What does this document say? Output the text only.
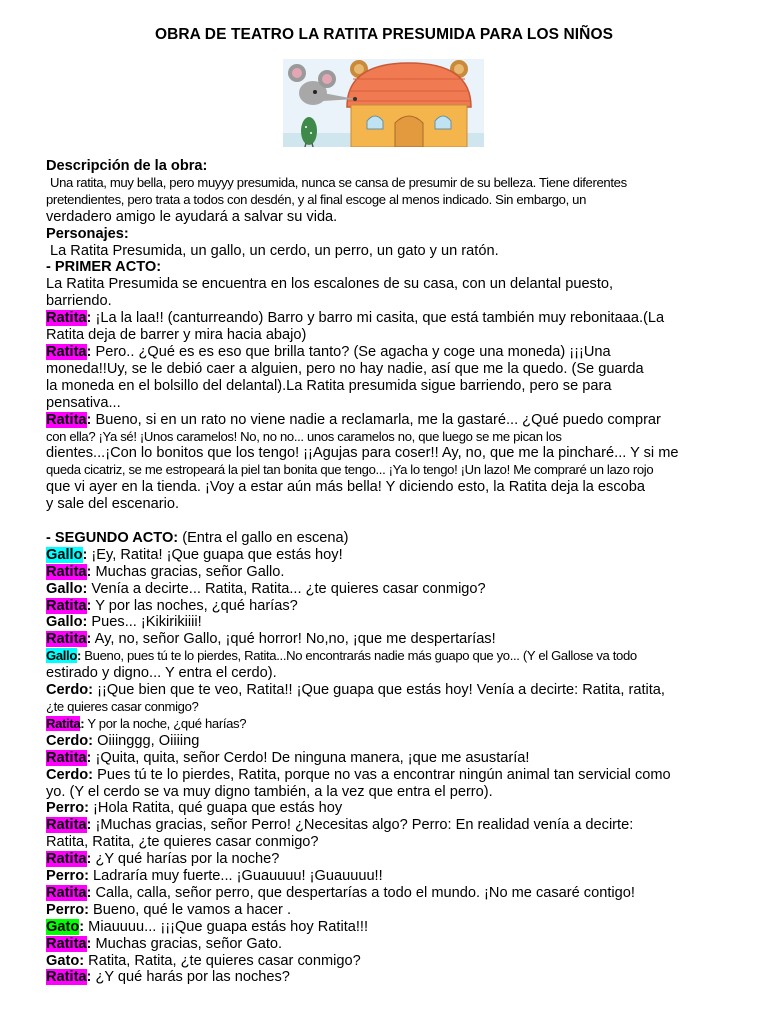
OBRA DE TEATRO LA RATITA PRESUMIDA PARA LOS NIÑOS
Descripción de la obra:
Una ratita, muy bella, pero muyyy presumida, nunca se cansa de presumir de su belleza. Tiene diferentes
pretendientes, pero trata a todos con desdén, y al final escoge al menos indicado. Sin embargo, un
verdadero amigo le ayudará a salvar su vida.
Personajes:
La Ratita Presumida, un gallo, un cerdo, un perro, un gato y un ratón.
- PRIMER ACTO:
La Ratita Presumida se encuentra en los escalones de su casa, con un delantal puesto,
barriendo.
Ratita: ¡La la laa!! (canturreando) Barro y barro mi casita, que está también muy rebonitaaa.(La
Ratita deja de barrer y mira hacia abajo)
Ratita: Pero.. ¿Qué es es eso que brilla tanto? (Se agacha y coge una moneda) ¡¡¡Una
moneda!!Uy, se le debió caer a alguien, pero no hay nadie, así que me la quedo. (Se guarda
la moneda en el bolsillo del delantal).La Ratita presumida sigue barriendo, pero se para
pensativa...
Ratita: Bueno, si en un rato no viene nadie a reclamarla, me la gastaré... ¿Qué puedo comprar
con ella? ¡Ya sé! ¡Unos caramelos! No, no no... unos caramelos no, que luego se me pican los
dientes...¡Con lo bonitos que los tengo! ¡¡Agujas para coser!! Ay, no, que me la pincharé... Y si me
queda cicatriz, se me estropeará la piel tan bonita que tengo... ¡Ya lo tengo! ¡Un lazo! Me compraré un lazo rojo
que vi ayer en la tienda. ¡Voy a estar aún más bella! Y diciendo esto, la Ratita deja la escoba
y sale del escenario.
- SEGUNDO ACTO: (Entra el gallo en escena)
Gallo: ¡Ey, Ratita! ¡Que guapa que estás hoy!
Ratita: Muchas gracias, señor Gallo.
Gallo: Venía a decirte... Ratita, Ratita... ¿te quieres casar conmigo?
Ratita: Y por las noches, ¿qué harías?
Gallo: Pues... ¡Kikirikiiii!
Ratita: Ay, no, señor Gallo, ¡qué horror! No,no, ¡que me despertarías!
Gallo: Bueno, pues tú te lo pierdes, Ratita...No encontrarás nadie más guapo que yo... (Y el Gallose va todo
estirado y digno... Y entra el cerdo).
Cerdo: ¡¡Que bien que te veo, Ratita!! ¡Que guapa que estás hoy! Venía a decirte: Ratita, ratita,
¿te quieres casar conmigo?
Ratita: Y por la noche, ¿qué harías?
Cerdo: Oiiinggg, Oiiiing
Ratita: ¡Quita, quita, señor Cerdo! De ninguna manera, ¡que me asustaría!
Cerdo: Pues tú te lo pierdes, Ratita, porque no vas a encontrar ningún animal tan servicial como
yo. (Y el cerdo se va muy digno también, a la vez que entra el perro).
Perro: ¡Hola Ratita, qué guapa que estás hoy
Ratita: ¡Muchas gracias, señor Perro! ¿Necesitas algo? Perro: En realidad venía a decirte:
Ratita, Ratita, ¿te quieres casar conmigo?
Ratita: ¿Y qué harías por la noche?
Perro: Ladraría muy fuerte... ¡Guauuuu! ¡Guauuuu!!
Ratita: Calla, calla, señor perro, que despertarías a todo el mundo. ¡No me casaré contigo!
Perro: Bueno, qué le vamos a hacer .
Gato: Miauuuu... ¡¡¡Que guapa estás hoy Ratita!!!
Ratita: Muchas gracias, señor Gato.
Gato: Ratita, Ratita, ¿te quieres casar conmigo?
Ratita: ¿Y qué harás por las noches?
